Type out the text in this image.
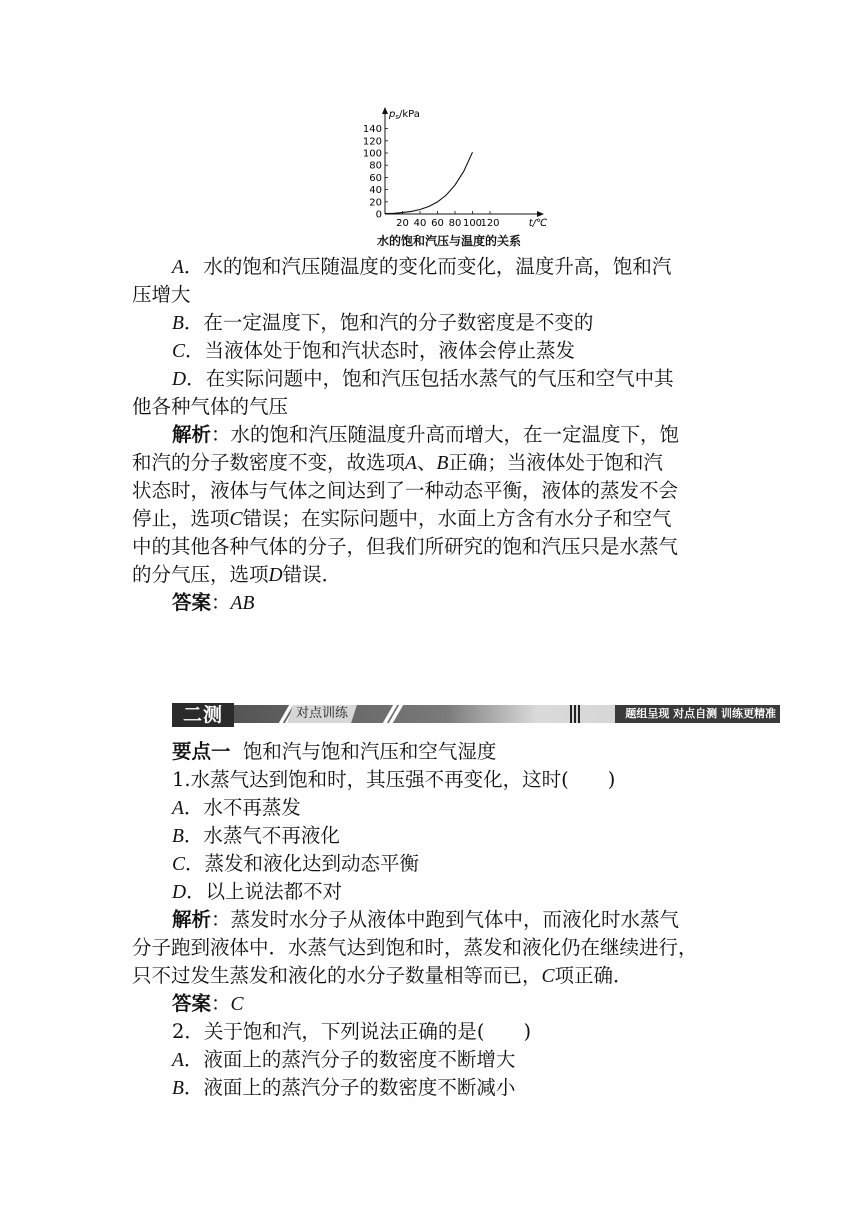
140
120
100
80
60
40
20
0
20 40 60 80 100
120
$p_s$/kPa
t/℃
水的饱和汽压与温度的关系
A．水的饱和汽压随温度的变化而变化，温度升高，饱和汽
压增大
B．在一定温度下，饱和汽的分子数密度是不变的
C．当液体处于饱和汽状态时，液体会停止蒸发
D．在实际问题中，饱和汽压包括水蒸气的气压和空气中其
他各种气体的气压
解析：水的饱和汽压随温度升高而增大，在一定温度下，饱
和汽的分子数密度不变，故选项A、B正确；当液体处于饱和汽
状态时，液体与气体之间达到了一种动态平衡，液体的蒸发不会
停止，选项C错误；在实际问题中，水面上方含有水分子和空气
中的其他各种气体的分子，但我们所研究的饱和汽压只是水蒸气
的分气压，选项D错误．
答案：AB
二测	对点训练	题组呈现 对点自测 训练更精准
要点一 饱和汽与饱和汽压和空气湿度
1.水蒸气达到饱和时，其压强不再变化，这时(　　)
A．水不再蒸发
B．水蒸气不再液化
C．蒸发和液化达到动态平衡
D．以上说法都不对
解析：蒸发时水分子从液体中跑到气体中，而液化时水蒸气
分子跑到液体中．水蒸气达到饱和时，蒸发和液化仍在继续进行，
只不过发生蒸发和液化的水分子数量相等而已，C项正确．
答案：C
2．关于饱和汽，下列说法正确的是(　　)
A．液面上的蒸汽分子的数密度不断增大
B．液面上的蒸汽分子的数密度不断减小
